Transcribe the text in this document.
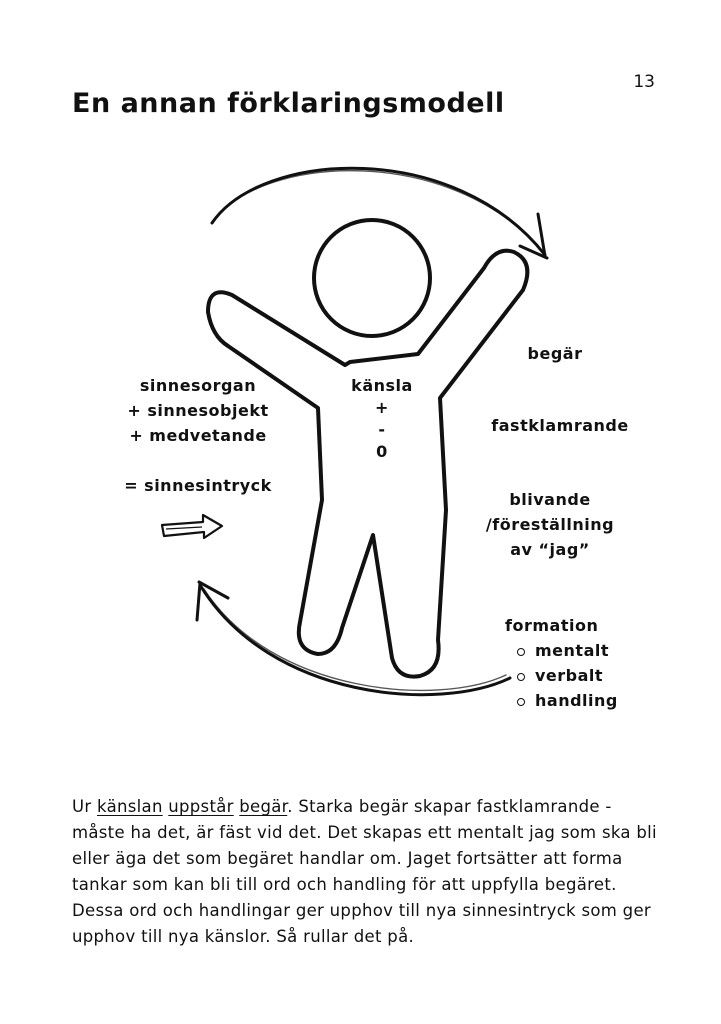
13
En annan förklaringsmodell
sinnesorgan
+ sinnesobjekt
+ medvetande
= sinnesintryck
känsla
+
-
0
begär
fastklamrande
blivande
/föreställning
av “jag”
formation
mentalt
verbalt
handling

Ur känslan uppstår begär. Starka begär skapar fastklamrande - måste ha det, är fäst vid det. Det skapas ett mentalt jag som ska bli eller äga det som begäret handlar om. Jaget fortsätter att forma tankar som kan bli till ord och handling för att uppfylla begäret. Dessa ord och handlingar ger upphov till nya sinnesintryck som ger upphov till nya känslor. Så rullar det på.
